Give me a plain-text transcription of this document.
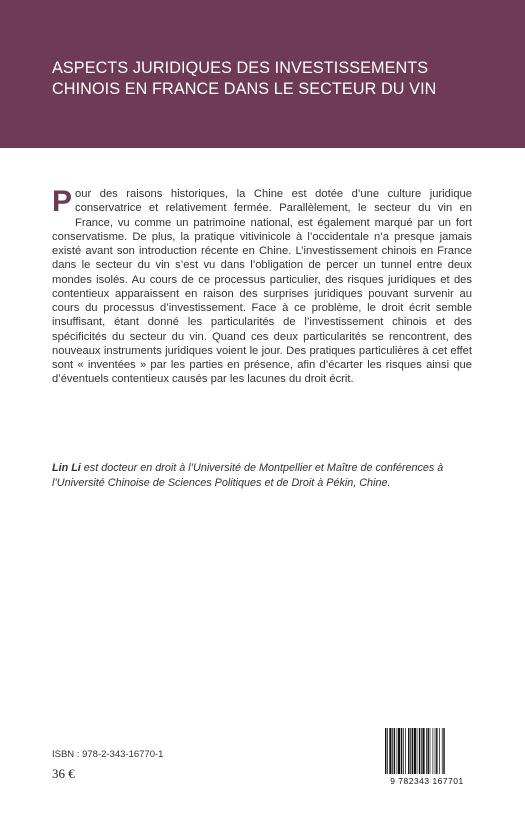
ASPECTS JURIDIQUES DES INVESTISSEMENTS
CHINOIS EN FRANCE DANS LE SECTEUR DU VIN

Pour des raisons historiques, la Chine est dotée d’une culture juridique conservatrice et relativement fermée. Parallèlement, le secteur du vin en France, vu comme un patrimoine national, est également marqué par un fort conservatisme. De plus, la pratique vitivinicole à l’occidentale n’a presque jamais existé avant son introduction récente en Chine. L’investissement chinois en France dans le secteur du vin s’est vu dans l’obligation de percer un tunnel entre deux mondes isolés. Au cours de ce processus particulier, des risques juridiques et des contentieux apparaissent en raison des surprises juridiques pouvant survenir au cours du processus d’investissement. Face à ce problème, le droit écrit semble insuffisant, étant donné les particularités de l’investissement chinois et des spécificités du secteur du vin. Quand ces deux particularités se rencontrent, des nouveaux instruments juridiques voient le jour. Des pratiques particulières à cet effet sont « inventées » par les parties en présence, afin d’écarter les risques ainsi que d’éventuels contentieux causés par les lacunes du droit écrit.

Lin Li est docteur en droit à l’Université de Montpellier et Maître de conférences à l’Université Chinoise de Sciences Politiques et de Droit à Pékin, Chine.

ISBN : 978-2-343-16770-1
36 €	9 782343 167701
